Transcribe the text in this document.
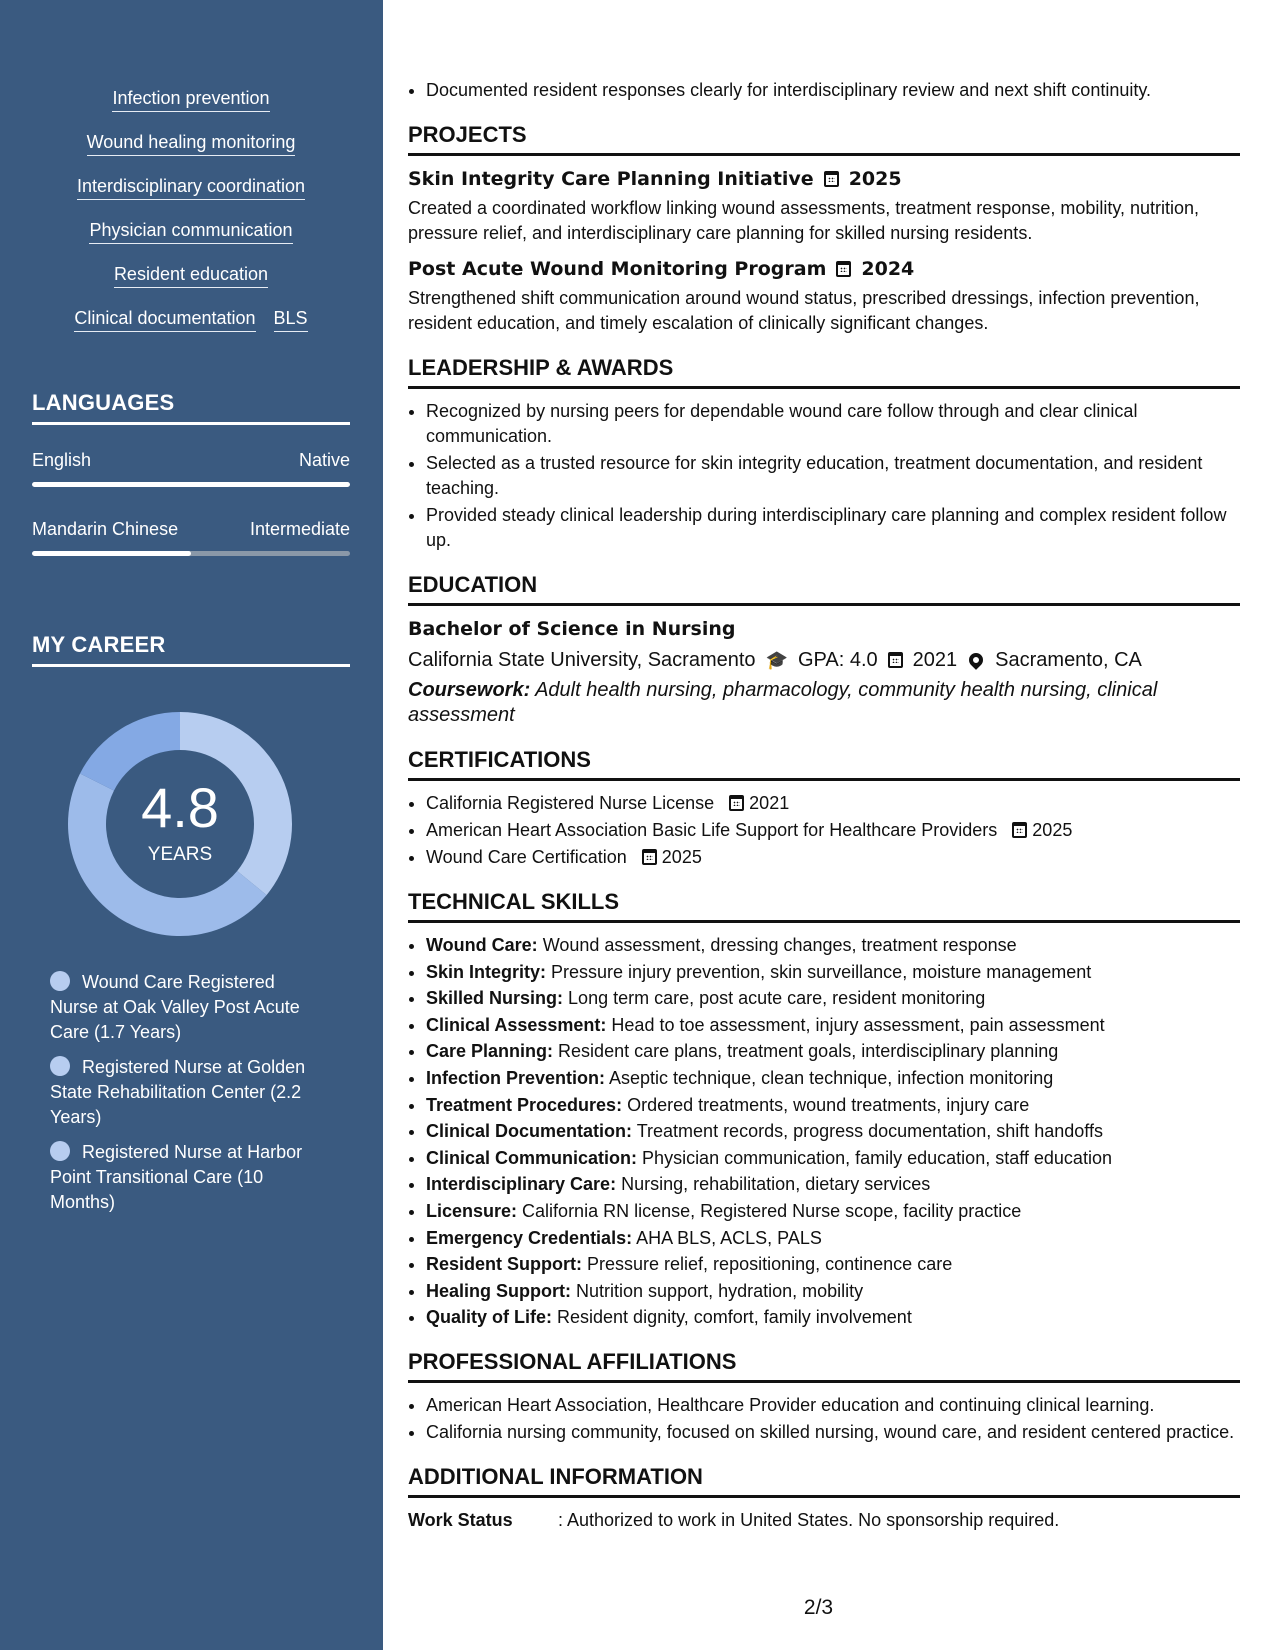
Infection prevention
Wound healing monitoring
Interdisciplinary coordination
Physician communication
Resident education
Clinical documentation BLS
LANGUAGES
English	Native
Mandarin Chinese	Intermediate
MY CAREER
4.8
YEARS
Wound Care Registered Nurse at Oak Valley Post Acute Care (1.7 Years)
Registered Nurse at Golden State Rehabilitation Center (2.2 Years)
Registered Nurse at Harbor Point Transitional Care (10 Months)
• Documented resident responses clearly for interdisciplinary review and next shift continuity.
PROJECTS
Skin Integrity Care Planning Initiative 2025

Created a coordinated workflow linking wound assessments, treatment response, mobility, nutrition, pressure relief, and interdisciplinary care planning for skilled nursing residents.

Post Acute Wound Monitoring Program 2024

Strengthened shift communication around wound status, prescribed dressings, infection prevention, resident education, and timely escalation of clinically significant changes.

LEADERSHIP & AWARDS
• Recognized by nursing peers for dependable wound care follow through and clear clinical communication.
• Selected as a trusted resource for skin integrity education, treatment documentation, and resident teaching.
• Provided steady clinical leadership during interdisciplinary care planning and complex resident follow up.
EDUCATION
Bachelor of Science in Nursing
California State University, Sacramento 🎓 GPA: 4.0 2021 Sacramento, CA
Coursework: Adult health nursing, pharmacology, community health nursing, clinical assessment
CERTIFICATIONS
• California Registered Nurse License 2021
• American Heart Association Basic Life Support for Healthcare Providers 2025
• Wound Care Certification 2025
TECHNICAL SKILLS
• Wound Care: Wound assessment, dressing changes, treatment response
• Skin Integrity: Pressure injury prevention, skin surveillance, moisture management
• Skilled Nursing: Long term care, post acute care, resident monitoring
• Clinical Assessment: Head to toe assessment, injury assessment, pain assessment
• Care Planning: Resident care plans, treatment goals, interdisciplinary planning
• Infection Prevention: Aseptic technique, clean technique, infection monitoring
• Treatment Procedures: Ordered treatments, wound treatments, injury care
• Clinical Documentation: Treatment records, progress documentation, shift handoffs
• Clinical Communication: Physician communication, family education, staff education
• Interdisciplinary Care: Nursing, rehabilitation, dietary services
• Licensure: California RN license, Registered Nurse scope, facility practice
• Emergency Credentials: AHA BLS, ACLS, PALS
• Resident Support: Pressure relief, repositioning, continence care
• Healing Support: Nutrition support, hydration, mobility
• Quality of Life: Resident dignity, comfort, family involvement
PROFESSIONAL AFFILIATIONS
• American Heart Association, Healthcare Provider education and continuing clinical learning.
• California nursing community, focused on skilled nursing, wound care, and resident centered practice.
ADDITIONAL INFORMATION
Work Status	: Authorized to work in United States. No sponsorship required.
2/3
